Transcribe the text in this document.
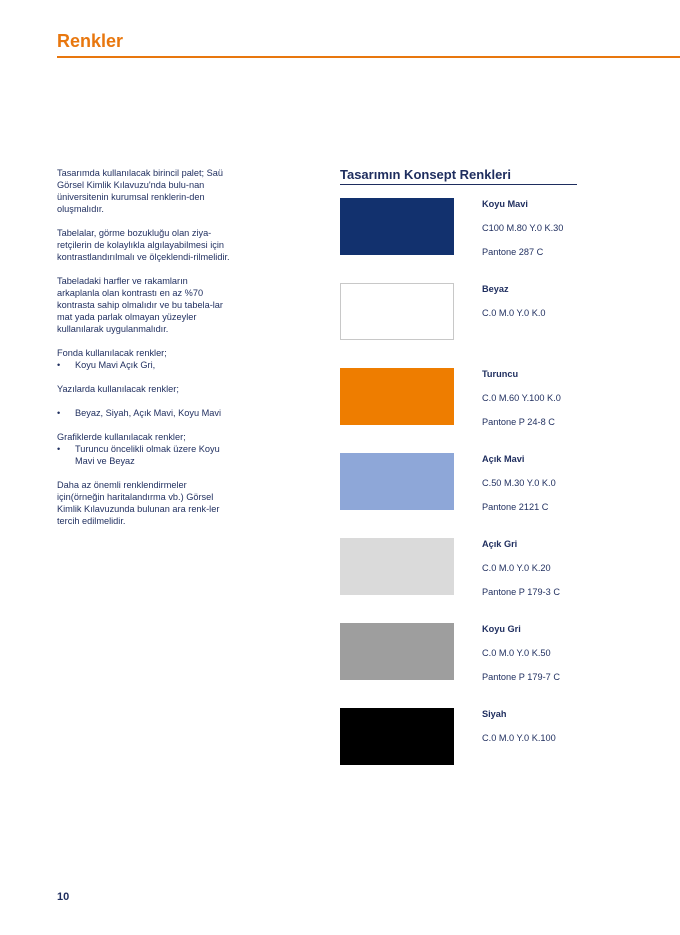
Renkler

Tasarımda kullanılacak birincil palet; Saü Görsel Kimlik Kılavuzu'nda bulu-nan üniversitenin kurumsal renklerin-den oluşmalıdır.

Tabelalar, görme bozukluğu olan ziya-retçilerin de kolaylıkla algılayabilmesi için kontrastlandırılmalı ve ölçeklendi-rilmelidir.

Tabeladaki harfler ve rakamların arkaplanla olan kontrastı en az %70 kontrasta sahip olmalıdır ve bu tabela-lar mat yada parlak olmayan yüzeyler kullanılarak uygulanmalıdır.

Fonda kullanılacak renkler;
• Koyu Mavi Açık Gri,

Yazılarda kullanılacak renkler;

• Beyaz, Siyah, Açık Mavi, Koyu Mavi
Grafiklerde kullanılacak renkler;
• Turuncu öncelikli olmak üzere Koyu Mavi ve Beyaz

Daha az önemli renklendirmeler için(örneğin haritalandırma vb.) Görsel Kimlik Kılavuzunda bulunan ara renk-ler tercih edilmelidir.

Tasarımın Konsept Renkleri
Koyu Mavi
C100 M.80 Y.0 K.30
Pantone 287 C
Beyaz
C.0 M.0 Y.0 K.0
Turuncu
C.0 M.60 Y.100 K.0
Pantone P 24-8 C
Açık Mavi
C.50 M.30 Y.0 K.0
Pantone 2121 C
Açık Gri
C.0 M.0 Y.0 K.20
Pantone P 179-3 C
Koyu Gri
C.0 M.0 Y.0 K.50
Pantone P 179-7 C
Siyah
C.0 M.0 Y.0 K.100
10
